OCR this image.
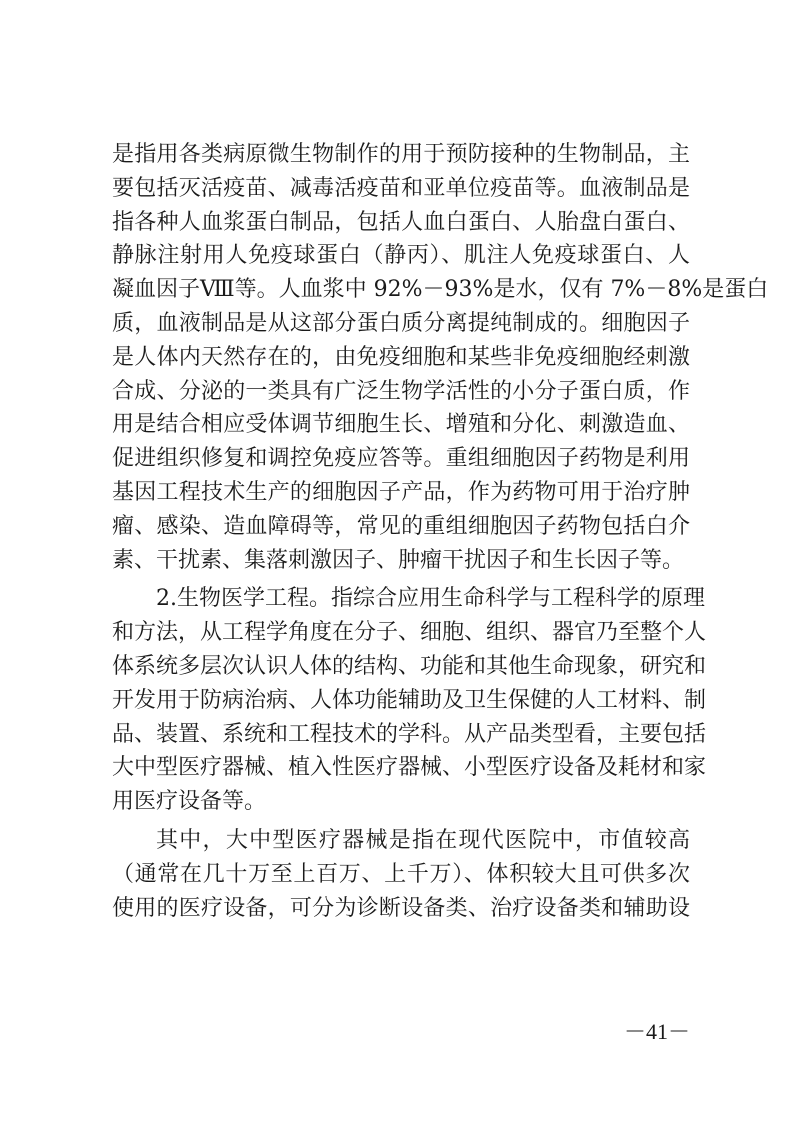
是指用各类病原微生物制作的用于预防接种的生物制品，主
要包括灭活疫苗、减毒活疫苗和亚单位疫苗等。血液制品是
指各种人血浆蛋白制品，包括人血白蛋白、人胎盘白蛋白、
静脉注射用人免疫球蛋白（静丙）、肌注人免疫球蛋白、人
凝血因子Ⅷ等。人血浆中 92%－93%是水，仅有 7%－8%是蛋白
质，血液制品是从这部分蛋白质分离提纯制成的。细胞因子
是人体内天然存在的，由免疫细胞和某些非免疫细胞经刺激
合成、分泌的一类具有广泛生物学活性的小分子蛋白质，作
用是结合相应受体调节细胞生长、增殖和分化、刺激造血、
促进组织修复和调控免疫应答等。重组细胞因子药物是利用
基因工程技术生产的细胞因子产品，作为药物可用于治疗肿
瘤、感染、造血障碍等，常见的重组细胞因子药物包括白介
素、干扰素、集落刺激因子、肿瘤干扰因子和生长因子等。
2.生物医学工程。指综合应用生命科学与工程科学的原理
和方法，从工程学角度在分子、细胞、组织、器官乃至整个人
体系统多层次认识人体的结构、功能和其他生命现象，研究和
开发用于防病治病、人体功能辅助及卫生保健的人工材料、制
品、装置、系统和工程技术的学科。从产品类型看，主要包括
大中型医疗器械、植入性医疗器械、小型医疗设备及耗材和家
用医疗设备等。
其中，大中型医疗器械是指在现代医院中，市值较高
（通常在几十万至上百万、上千万）、体积较大且可供多次
使用的医疗设备，可分为诊断设备类、治疗设备类和辅助设
－41－
